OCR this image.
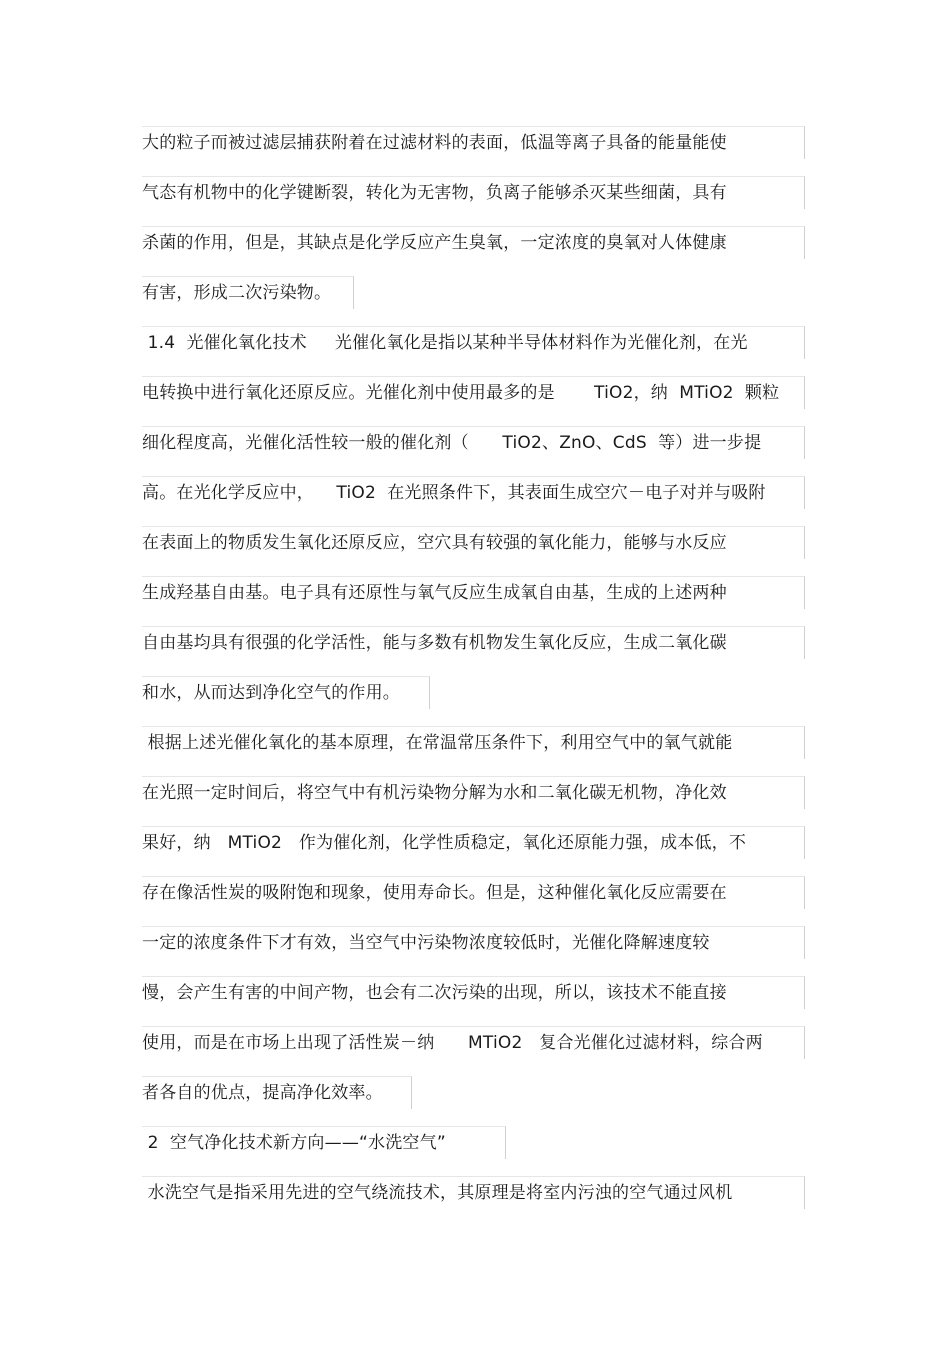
大的粒子而被过滤层捕获附着在过滤材料的表面，低温等离子具备的能量能使
气态有机物中的化学键断裂，转化为无害物，负离子能够杀灭某些细菌，具有
杀菌的作用，但是，其缺点是化学反应产生臭氧，一定浓度的臭氧对人体健康
有害，形成二次污染物。
1.4  光催化氧化技术     光催化氧化是指以某种半导体材料作为光催化剂，在光
电转换中进行氧化还原反应。光催化剂中使用最多的是       TiO2，纳  MTiO2  颗粒
细化程度高，光催化活性较一般的催化剂（      TiO2、ZnO、CdS  等）进一步提
高。在光化学反应中，    TiO2  在光照条件下，其表面生成空穴－电子对并与吸附
在表面上的物质发生氧化还原反应，空穴具有较强的氧化能力，能够与水反应
生成羟基自由基。电子具有还原性与氧气反应生成氧自由基，生成的上述两种
自由基均具有很强的化学活性，能与多数有机物发生氧化反应，生成二氧化碳
和水，从而达到净化空气的作用。
根据上述光催化氧化的基本原理，在常温常压条件下，利用空气中的氧气就能
在光照一定时间后，将空气中有机污染物分解为水和二氧化碳无机物，净化效
果好，纳   MTiO2   作为催化剂，化学性质稳定，氧化还原能力强，成本低，不
存在像活性炭的吸附饱和现象，使用寿命长。但是，这种催化氧化反应需要在
一定的浓度条件下才有效，当空气中污染物浓度较低时，光催化降解速度较
慢，会产生有害的中间产物，也会有二次污染的出现，所以，该技术不能直接
使用，而是在市场上出现了活性炭－纳      MTiO2   复合光催化过滤材料，综合两
者各自的优点，提高净化效率。
2  空气净化技术新方向——“水洗空气”
水洗空气是指采用先进的空气绕流技术，其原理是将室内污浊的空气通过风机
